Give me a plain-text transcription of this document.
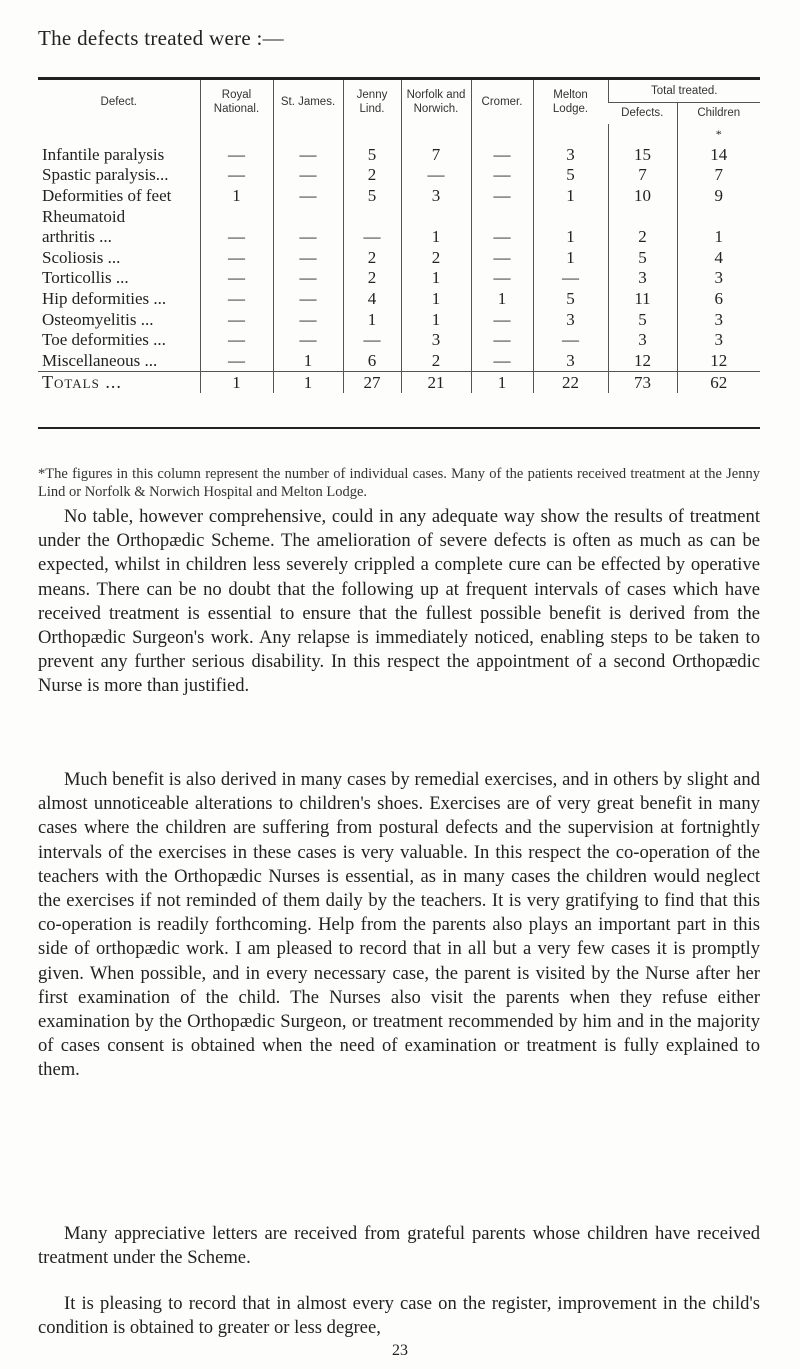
The defects treated were :—
Defect.	Royal National.	St. James.	Jenny Lind.	Norfolk and Norwich.	Cromer.	Melton Lodge.	Total treated.	
							Defects.	Children

								*

Infantile paralysis	—	—	5	7	—	3	15	14
Spastic paralysis...	—	—	2	—	—	5	7	7
Deformities of feet	1	—	5	3	—	1	10	9
Rheumatoid								
arthritis ...	—	—	—	1	—	1	2	1
Scoliosis ...	—	—	2	2	—	1	5	4
Torticollis ...	—	—	2	1	—	—	3	3
Hip deformities ...	—	—	4	1	1	5	11	6
Osteomyelitis ...	—	—	1	1	—	3	5	3
Toe deformities ...	—	—	—	3	—	—	3	3
Miscellaneous ...	—	1	6	2	—	3	12	12
Totals ...	1	1	27	21	1	22	73	62
*The figures in this column represent the number of individual cases. Many of the patients received treatment at the Jenny Lind or Norfolk & Norwich Hospital and Melton Lodge.

No table, however comprehensive, could in any adequate way show the results of treatment under the Orthopædic Scheme. The amelioration of severe defects is often as much as can be expected, whilst in children less severely crippled a complete cure can be effected by operative means. There can be no doubt that the following up at frequent intervals of cases which have received treatment is essential to ensure that the fullest possible benefit is derived from the Orthopædic Surgeon's work. Any relapse is immediately noticed, enabling steps to be taken to prevent any further serious disability. In this respect the appointment of a second Orthopædic Nurse is more than justified.

Much benefit is also derived in many cases by remedial exercises, and in others by slight and almost unnoticeable alterations to children's shoes. Exercises are of very great benefit in many cases where the children are suffering from postural defects and the supervision at fortnightly intervals of the exercises in these cases is very valuable. In this respect the co-operation of the teachers with the Orthopædic Nurses is essential, as in many cases the children would neglect the exercises if not reminded of them daily by the teachers. It is very gratifying to find that this co-operation is readily forthcoming. Help from the parents also plays an important part in this side of orthopædic work. I am pleased to record that in all but a very few cases it is promptly given. When possible, and in every necessary case, the parent is visited by the Nurse after her first examination of the child. The Nurses also visit the parents when they refuse either examination by the Orthopædic Surgeon, or treatment recommended by him and in the majority of cases consent is obtained when the need of examination or treatment is fully explained to them.

Many appreciative letters are received from grateful parents whose children have received treatment under the Scheme.

It is pleasing to record that in almost every case on the register, improvement in the child's condition is obtained to greater or less degree,

23
